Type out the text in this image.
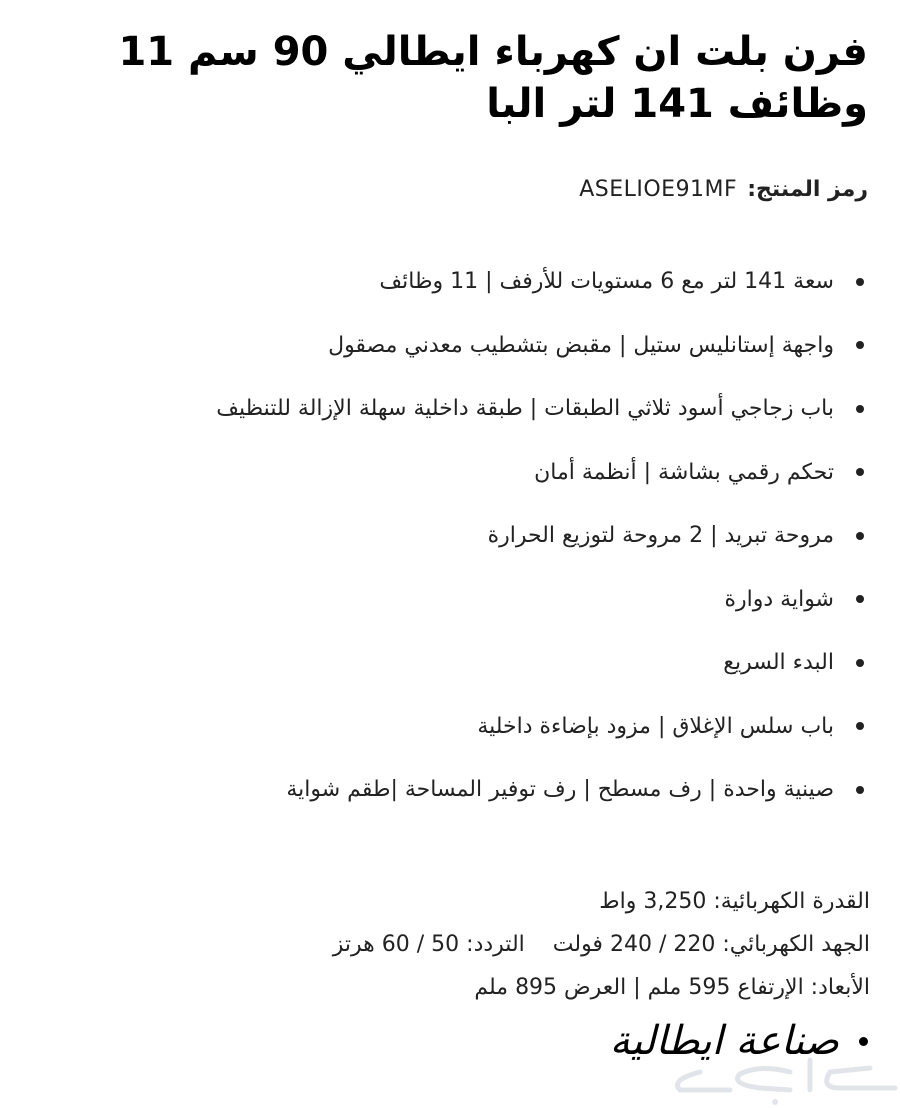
فرن بلت ان كهرباء ايطالي 90 سم 11 وظائف 141 لتر البا
رمز المنتج:
ASELIOE91MF
سعة 141 لتر مع 6 مستويات للأرفف | 11 وظائف
واجهة إستانليس ستيل | مقبض بتشطيب معدني مصقول
باب زجاجي أسود ثلاثي الطبقات | طبقة داخلية سهلة الإزالة للتنظيف
تحكم رقمي بشاشة | أنظمة أمان
مروحة تبريد | 2 مروحة لتوزيع الحرارة
شواية دوارة
البدء السريع
باب سلس الإغلاق | مزود بإضاءة داخلية
صينية واحدة | رف مسطح | رف توفير المساحة |طقم شواية
القدرة الكهربائية: 3,250 واط
الجهد الكهربائي: 220 / 240 فولت
التردد: 50 / 60 هرتز
الأبعاد: الإرتفاع 595 ملم | العرض 895 ملم
صناعة ايطالية
